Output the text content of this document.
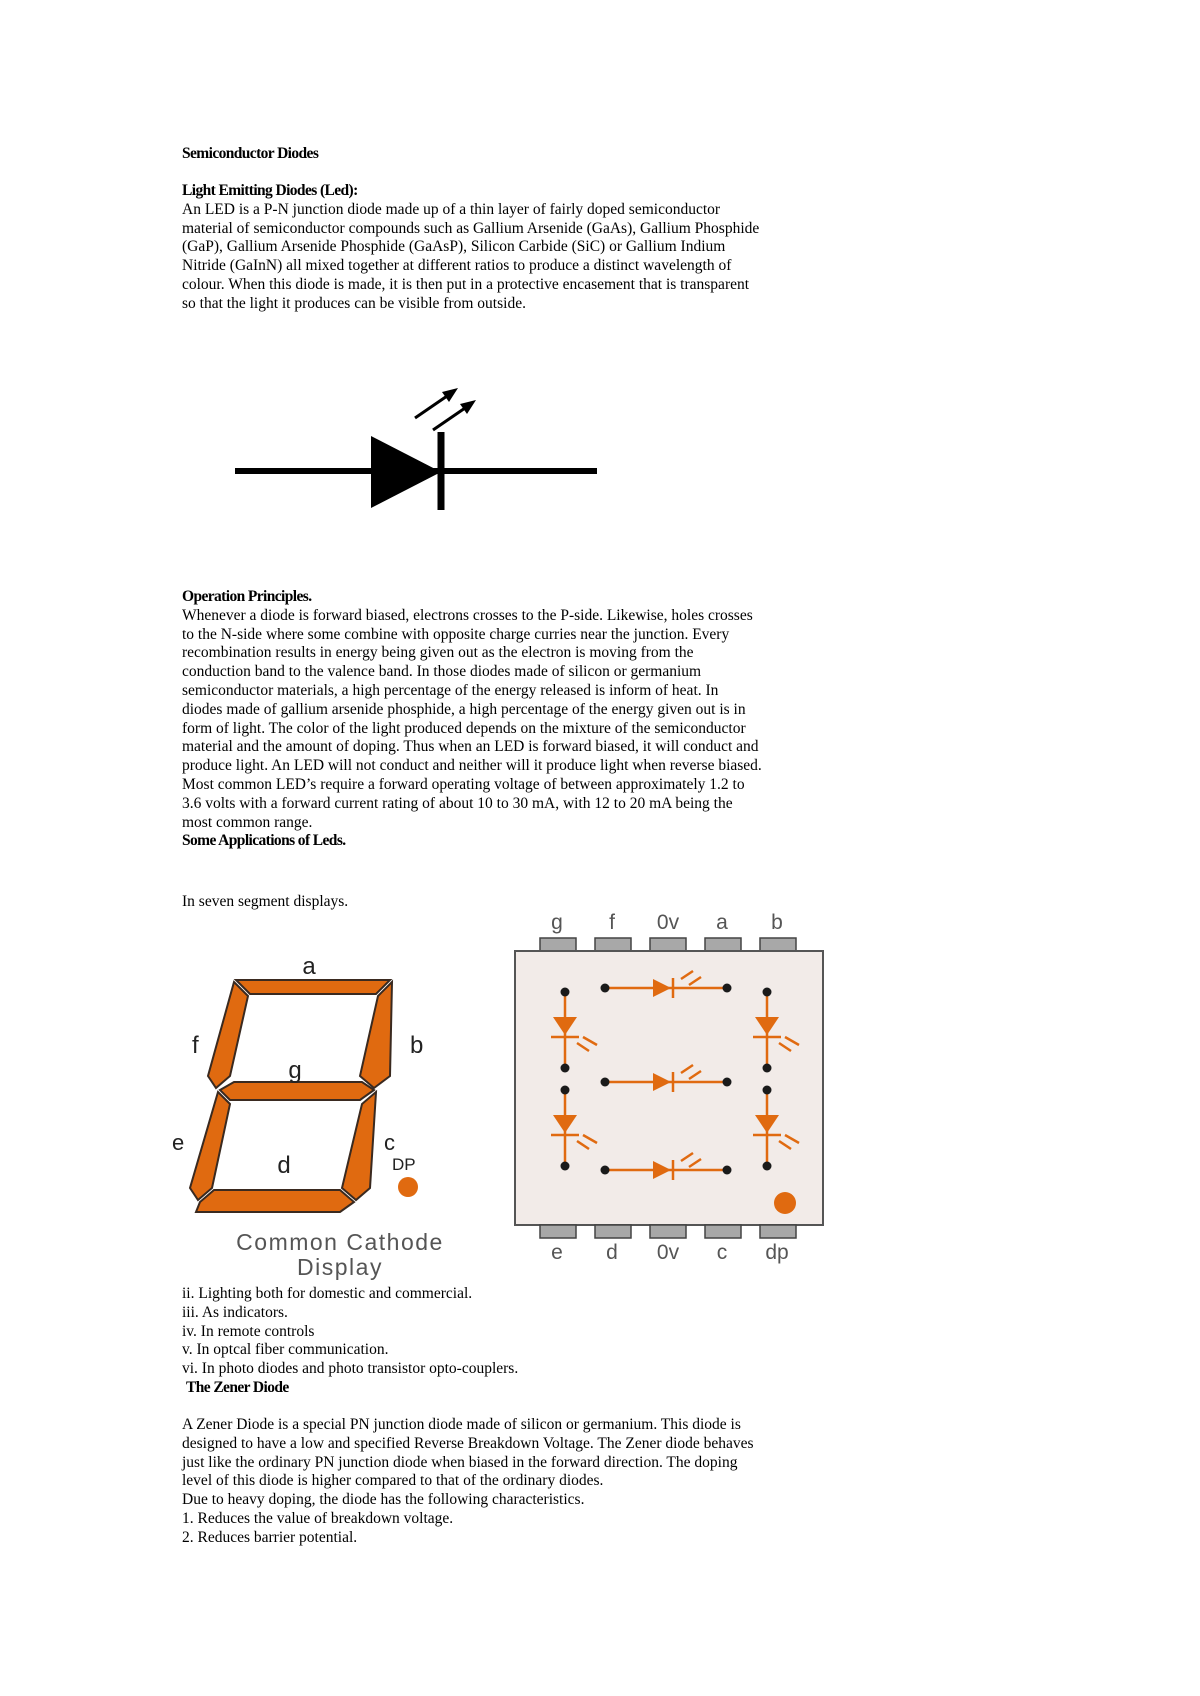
Semiconductor Diodes

Light Emitting Diodes (Led):

An LED is a P-N junction diode made up of a thin layer of fairly doped semiconductor material of semiconductor compounds such as Gallium Arsenide (GaAs), Gallium Phosphide (GaP), Gallium Arsenide Phosphide (GaAsP), Silicon Carbide (SiC) or Gallium Indium Nitride (GaInN) all mixed together at different ratios to produce a distinct wavelength of colour. When this diode is made, it is then put in a protective encasement that is transparent so that the light it produces can be visible from outside.

Operation Principles.

Whenever a diode is forward biased, electrons crosses to the P-side. Likewise, holes crosses to the N-side where some combine with opposite charge curries near the junction. Every recombination results in energy being given out as the electron is moving from the conduction band to the valence band. In those diodes made of silicon or germanium semiconductor materials, a high percentage of the energy released is inform of heat. In diodes made of gallium arsenide phosphide, a high percentage of the energy given out is in form of light. The color of the light produced depends on the mixture of the semiconductor material and the amount of doping. Thus when an LED is forward biased, it will conduct and produce light. An LED will not conduct and neither will it produce light when reverse biased.

Most common LED’s require a forward operating voltage of between approximately 1.2 to 3.6 volts with a forward current rating of about 10 to 30 mA, with 12 to 20 mA being the most common range.

Some Applications of Leds.

In seven segment displays.
a
b
f
g
c
e
d	DP
Common Cathode
Display
g f 0v a b
e d 0v c dp

ii. Lighting both for domestic and commercial.

iii. As indicators.

iv. In remote controls

v. In optcal fiber communication.

vi. In photo diodes and photo transistor opto-couplers.

The Zener Diode

A Zener Diode is a special PN junction diode made of silicon or germanium. This diode is designed to have a low and specified Reverse Breakdown Voltage. The Zener diode behaves just like the ordinary PN junction diode when biased in the forward direction. The doping level of this diode is higher compared to that of the ordinary diodes.

Due to heavy doping, the diode has the following characteristics.

1. Reduces the value of breakdown voltage.

2. Reduces barrier potential.
